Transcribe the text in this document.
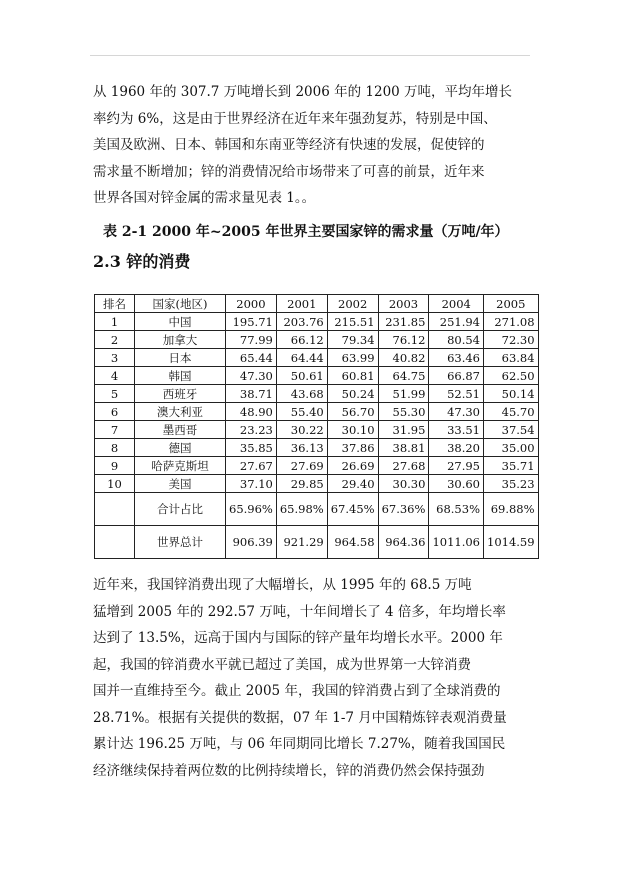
从 1960 年的 307.7 万吨增长到 2006 年的 1200 万吨，平均年增长
率约为 6%，这是由于世界经济在近年来年强劲复苏，特别是中国、
美国及欧洲、日本、韩国和东南亚等经济有快速的发展，促使锌的
需求量不断增加；锌的消费情况给市场带来了可喜的前景，近年来
世界各国对锌金属的需求量见表 1。。
表 2-1 2000 年~2005 年世界主要国家锌的需求量（万吨/年）
2.3 锌的消费
排名	国家(地区)	2000	2001	2002	2003	2004	2005
1	中国	195.71	203.76	215.51	231.85	251.94	271.08
2	加拿大	77.99	66.12	79.34	76.12	80.54	72.30
3	日本	65.44	64.44	63.99	40.82	63.46	63.84
4	韩国	47.30	50.61	60.81	64.75	66.87	62.50
5	西班牙	38.71	43.68	50.24	51.99	52.51	50.14
6	澳大利亚	48.90	55.40	56.70	55.30	47.30	45.70
7	墨西哥	23.23	30.22	30.10	31.95	33.51	37.54
8	德国	35.85	36.13	37.86	38.81	38.20	35.00
9	哈萨克斯坦	27.67	27.69	26.69	27.68	27.95	35.71
10	美国	37.10	29.85	29.40	30.30	30.60	35.23
	合计占比	65.96%	65.98%	67.45%	67.36%	68.53%	69.88%
	世界总计	906.39	921.29	964.58	964.36	1011.06	1014.59
近年来，我国锌消费出现了大幅增长，从 1995 年的 68.5 万吨
猛增到 2005 年的 292.57 万吨，十年间增长了 4 倍多，年均增长率
达到了 13.5%，远高于国内与国际的锌产量年均增长水平。2000 年
起，我国的锌消费水平就已超过了美国，成为世界第一大锌消费
国并一直维持至今。截止 2005 年，我国的锌消费占到了全球消费的
28.71%。根据有关提供的数据，07 年 1-7 月中国精炼锌表观消费量
累计达 196.25 万吨，与 06 年同期同比增长 7.27%，随着我国国民
经济继续保持着两位数的比例持续增长，锌的消费仍然会保持强劲
